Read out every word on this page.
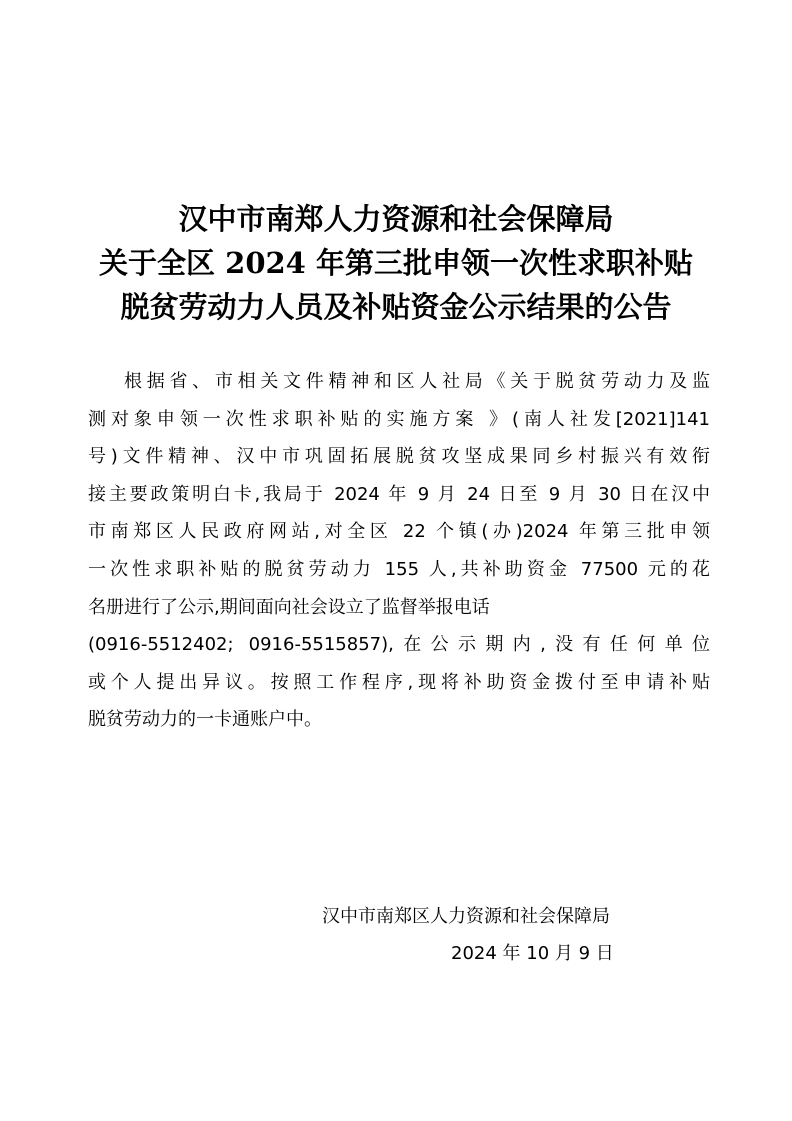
汉中市南郑人力资源和社会保障局
关于全区 2024 年第三批申领一次性求职补贴
脱贫劳动力人员及补贴资金公示结果的公告
根据省、市相关文件精神和区人社局《关于脱贫劳动力及监
测对象申领一次性求职补贴的实施方案 》(南人社发[2021]141
号)文件精神、汉中市巩固拓展脱贫攻坚成果同乡村振兴有效衔
接主要政策明白卡,我局于 2024 年 9 月 24 日至 9 月 30 日在汉中
市南郑区人民政府网站,对全区 22 个镇(办)2024 年第三批申领
一次性求职补贴的脱贫劳动力 155 人,共补助资金 77500 元的花
名册进行了公示,期间面向社会设立了监督举报电话
(0916-5512402; 0916-5515857),在公示期内,没有任何单位
或个人提出异议。按照工作程序,现将补助资金拨付至申请补贴
脱贫劳动力的一卡通账户中。
汉中市南郑区人力资源和社会保障局
2024 年 10 月 9 日
